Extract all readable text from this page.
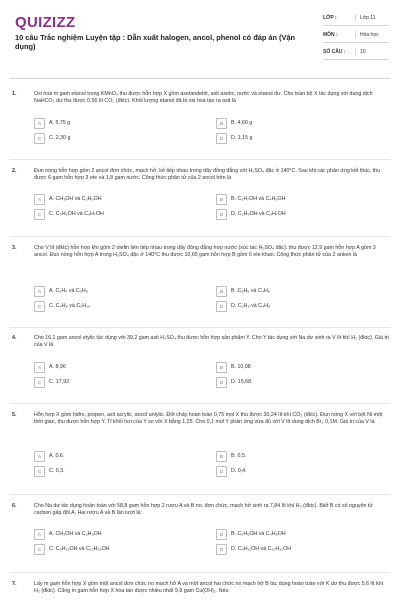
QUIZIZZ
10 câu Trắc nghiệm Luyện tập : Dẫn xuất halogen, ancol, phenol có đáp án (Vận dụng)
LỚP :	Lớp 11
MÔN :	Hóa học
SỐ CÂU :	10
1.	Oxi hoá m gam etanol trong KMnO₄ thu được hỗn hợp X gồm axetandehit, axit axetic, nước và etanol dư. Cho toàn bộ X tác dụng với dung dịch NaHCO₃ dư thu được 0,56 lít CO₂ (đktc). Khối lượng etanol đã bị oxi hoá tạo ra axit là
A	A. 5,75 g	B	B. 4,60 g
C	C. 2,30 g	D	D. 1,15 g
2.	Đun nóng hỗn hợp gồm 2 ancol đơn chức, mạch hở, kế tiếp nhau trong dãy đồng đẳng với H₂SO₄ đặc ở 140°C. Sau khi các phản ứng kết thúc, thu được 6 gam hỗn hợp 3 ete và 1,8 gam nước. Công thức phân tử của 2 ancol trên là
A	A. CH₃OH và C₂H₅OH	B	B. C₃H₇OH và C₄H₉OH
C	C. C₃H₅OH và C₄H₇OH	D	D. C₂H₅OH và C₃H₇OH
3.	Cho V lít (đktc) hỗn hợp khí gồm 2 olefin liên tiếp nhau trong dãy đồng đẳng hợp nước (xúc tác H₂SO₄ đặc), thu được 12,9 gam hỗn hợp A gồm 3 ancol. Đun nóng hỗn hợp A trong H₂SO₄ đặc ở 140°C thu được 10,65 gam hỗn hợp B gồm 6 ete khan. Công thức phân tử của 2 anken là
A	A. C₂H₄ và C₃H₆	B	B. C₃H₆ và C₄H₈
C	C. C₄H₈ và C₅H₁₀	D	D. C₂H₄ và C₄H₈
4.	Cho 16,1 gam ancol etylic tác dụng với 39,2 gam axit H₂SO₄ thu được hỗn hợp sản phẩm Y. Cho Y tác dụng với Na dư sinh ra V lít khí H₂ (đktc). Giá trị của V là
A	A. 8,96	B	B. 10,08
C	C. 17,92	D	D. 15,68
5.	Hỗn hợp X gồm hiđro, propen, axit acrylic, ancol anlylic. Đốt cháy hoàn toàn 0,75 mol X thu được 30,24 lít khí CO₂ (đktc). Đun nóng X với bột Ni một thời gian, thu được hỗn hợp Y. Tỉ khối hơi của Y so với X bằng 1,25. Cho 0,1 mol Y phản ứng vừa đủ với V lít dung dịch Br₂ 0,1M. Giá trị của V là
A	A. 0,6.	B	B. 0,5.
C	C. 0,3.	D	D. 0,4.
6.	Cho Na dư tác dụng hoàn toàn với 58,8 gam hỗn hợp 2 rượu A và B no, đơn chức, mạch hở sinh ra 7,84 lít khí H₂ (đktc). Biết B có số nguyên tử cacbon gấp đôi A. Hai rượu A và B lần lượt là:
A	A. CH₃OH và C₂H₅OH	B	B. C₂H₅OH và C₄H₉OH
C	C. C₆H₁₃OH và C₁₂H₂₅OH	D	D. C₅H₁₁OH và C₁₀H₂₁OH
7.	Lấy m gam hỗn hợp X gồm một ancol đơn chức no mạch hở A và một ancol hai chức no mạch hở B tác dụng hoàn toàn với K dư thu được 5,6 lít khí H₂ (đktc). Cũng m gam hỗn hợp X hòa tan được nhiều nhất 9,8 gam Cu(OH)₂. Nếu
